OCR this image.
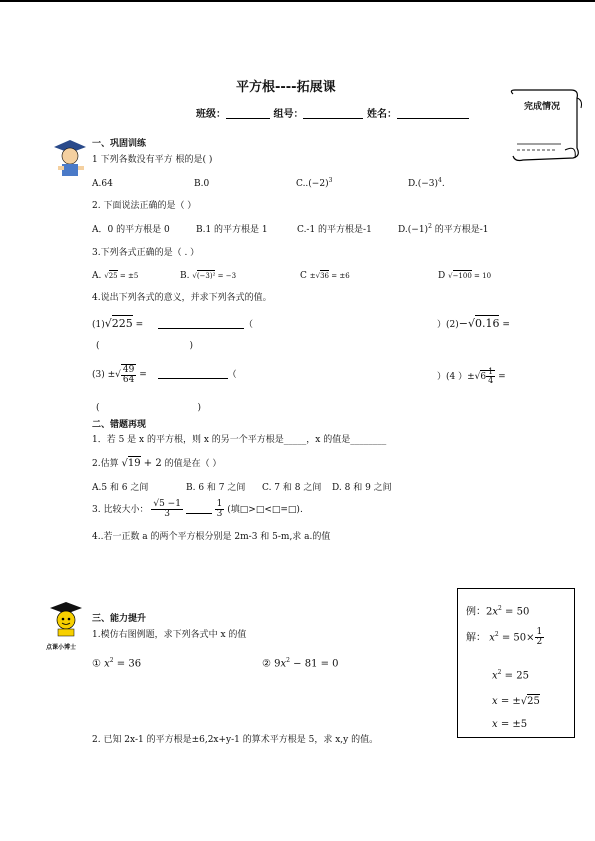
平方根----拓展课
班级：	组号：	姓名：
完成情况
一、巩固训练
1 下列各数没有平方 根的是( )
A.64	B.0	$C..(-2)^3$	$D.(-3)^4$.
2. 下面说法正确的是（ ）
A．0 的平方根是 0	B.1 的平方根是 1	C.-1 的平方根是-1	$D.(-1)^2$ 的平方根是-1
3.下列各式正确的是（ . ）
A. √25 = ±5	B. √(−3)² = −3	C ±√36 = ±6	D √−100 = 10
4.说出下列各式的意义，并求下列各式的值。
(1)√225 =	（	）(2)−√0.16 =
(	)
(3) ±√ $\frac{49}{64}$ =	（	）(4 ）$\pm√6 \frac{1}{4}$ =
(	)
二、错题再现
1．若 5 是 x 的平方根，则 x 的另一个平方根是_____，x 的值是________
2.估算 √19 + 2 的值是在（ ）
A.5 和 6 之间	B. 6 和 7 之间 C. 7 和 8 之间 D. 8 和 9 之间
3. 比较大小： $\frac{√5 -1}{3}$
	$\frac{1}{3}$ (填□>□<□=□).
4..若一正数 a 的两个平方根分别是 2m-3 和 5-m,求 a.的值
点课小博士
三、能力提升
1.模仿右图例题，求下列各式中 x 的值
① $x^2 = 36$	② $9x^2 - 81 = 0$
2. 已知 2x-1 的平方根是±6,2x+y-1 的算术平方根是 5，求 x,y 的值。
例：$2x^2 = 50$
解： $x^2 = 50\times \frac{1}{2}$
$x^2 = 25$
x = ±√25
x = ±5
